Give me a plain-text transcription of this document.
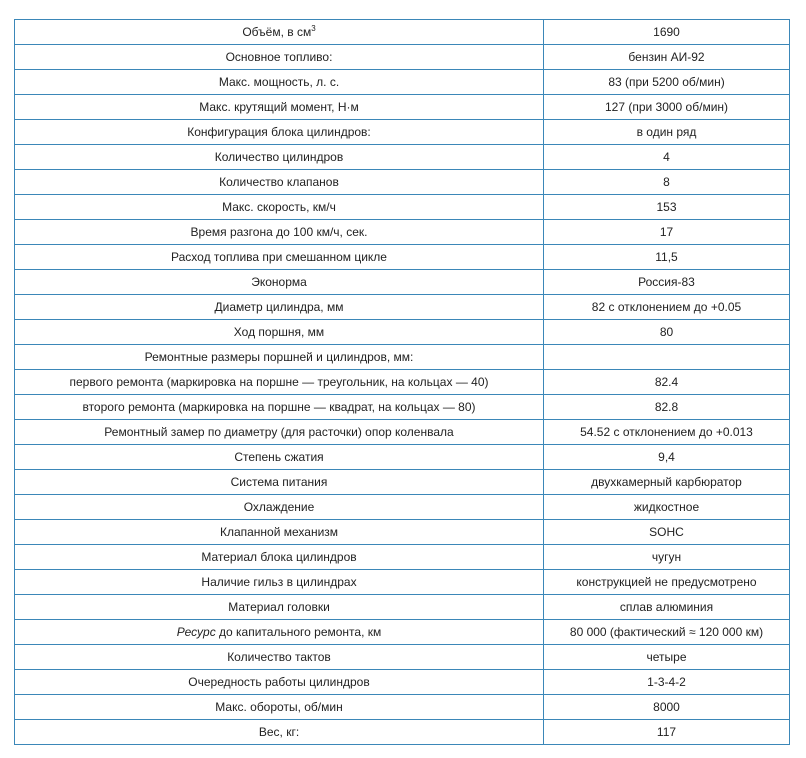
Объём, в $см^3$	1690
Основное топливо:	бензин АИ-92
Макс. мощность, л. с.	83 (при 5200 об/мин)
Макс. крутящий момент, Н·м	127 (при 3000 об/мин)
Конфигурация блока цилиндров:	в один ряд
Количество цилиндров	4
Количество клапанов	8
Макс. скорость, км/ч	153
Время разгона до 100 км/ч, сек.	17
Расход топлива при смешанном цикле	11,5
Эконорма	Россия-83
Диаметр цилиндра, мм	82 с отклонением до +0.05
Ход поршня, мм	80
Ремонтные размеры поршней и цилиндров, мм:	
первого ремонта (маркировка на поршне — треугольник, на кольцах — 40)	82.4
второго ремонта (маркировка на поршне — квадрат, на кольцах — 80)	82.8
Ремонтный замер по диаметру (для расточки) опор коленвала	54.52 с отклонением до +0.013
Степень сжатия	9,4
Система питания	двухкамерный карбюратор
Охлаждение	жидкостное
Клапанной механизм	SOHC
Материал блока цилиндров	чугун
Наличие гильз в цилиндрах	конструкцией не предусмотрено
Материал головки	сплав алюминия
Ресурс до капитального ремонта, км	80 000 (фактический ≈ 120 000 км)
Количество тактов	четыре
Очередность работы цилиндров	1-3-4-2
Макс. обороты, об/мин	8000
Вес, кг:	117
